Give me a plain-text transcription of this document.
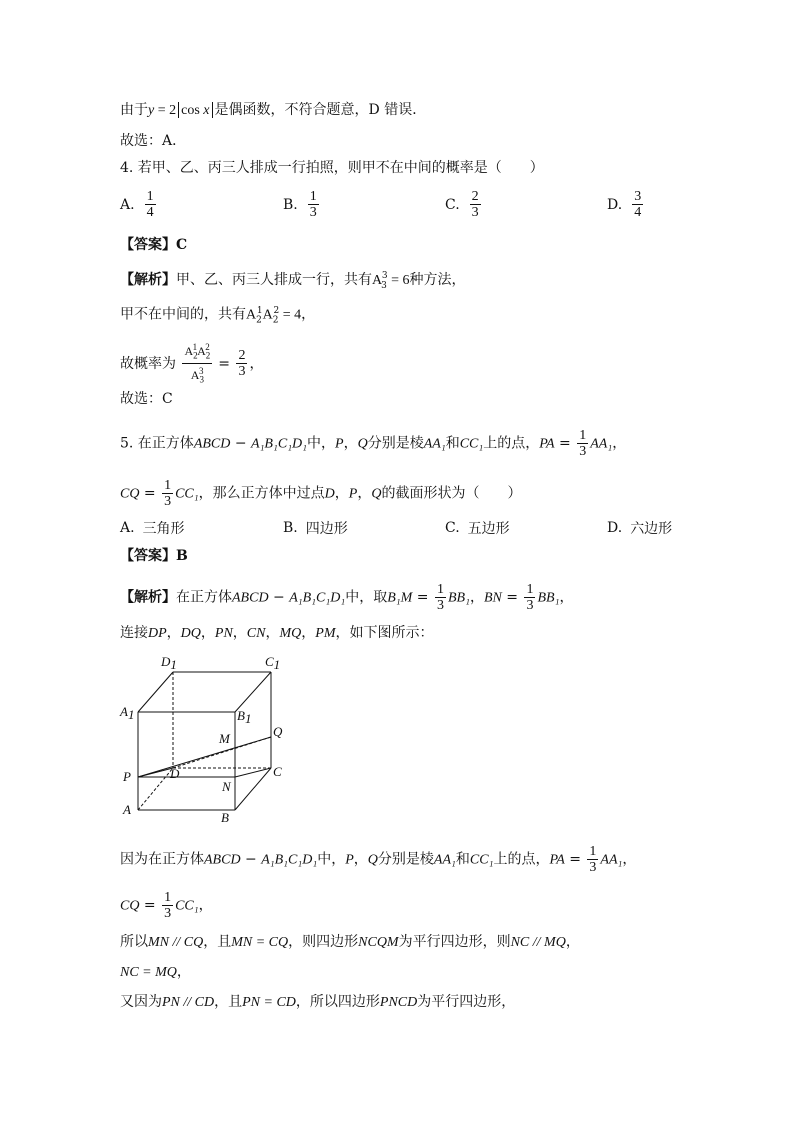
由于y = 2 cos x 是偶函数，不符合题意，D 错误．
故选：A．
4. 若甲、乙、丙三人排成一行拍照，则甲不在中间的概率是（　　）
A. $\frac{1}{4}$	B. $\frac{1}{3}$	C. $\frac{2}{3}$	D. $\frac{3}{4}$
【答案】C
【解析】甲、乙、丙三人排成一行，共有$A_3^3 = 6$种方法，
甲不在中间的，共有$A_2^1A_2^2 = 4$，
故概率为 $\frac{A_2^1A_2^2}{A_3^3} = \frac{2}{3}$ ，
故选：C
5. 在正方体ABCD − A₁B₁C₁D₁中，P，Q分别是棱AA₁和CC₁上的点，PA = $\frac{1}{3} AA_1$，
CQ = $\frac{1}{3} CC_1$，那么正方体中过点D，P，Q的截面形状为（　　）
A. 三角形	B. 四边形	C. 五边形	D. 六边形
【答案】B
【解析】在正方体ABCD − A₁B₁C₁D₁中，取$B_1M = \frac{1}{3} BB_1$，BN = $\frac{1}{3} BB_1$，
连接DP，DQ，PN，CN，MQ，PM，如下图所示：
D1	C1
A1	B1
M	Q
P	D	C
N
A
B
因为在正方体ABCD − A₁B₁C₁D₁中，P，Q分别是棱AA₁和CC₁上的点，PA = $\frac{1}{3} AA_1$，
CQ = $\frac{1}{3} CC_1$，
所以MN // CQ，且MN = CQ，则四边形NCQM为平行四边形，则NC // MQ，
NC = MQ，
又因为PN // CD，且PN = CD，所以四边形PNCD为平行四边形，
